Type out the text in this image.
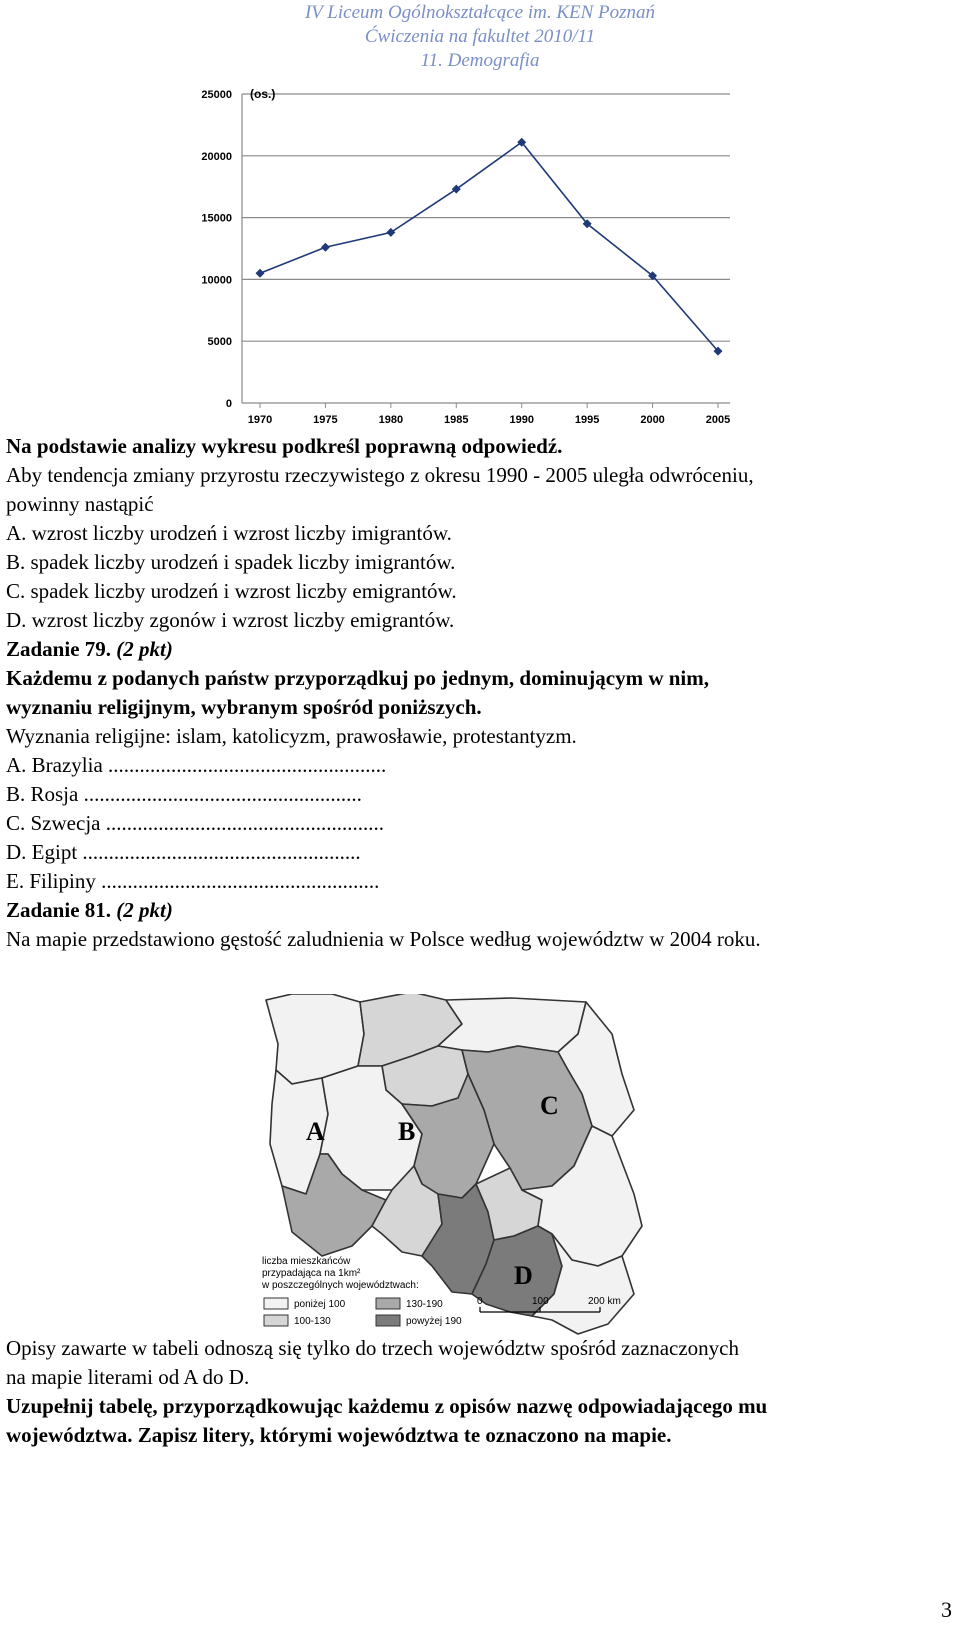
IV Liceum Ogólnokształcące im. KEN Poznań
Ćwiczenia na fakultet 2010/11
11. Demografia
0
5000
10000
15000
20000
25000 (os.)
1970	1975	1980	1985	1990	1995	2000	2005
Na podstawie analizy wykresu podkreśl poprawną odpowiedź.
Aby tendencja zmiany przyrostu rzeczywistego z okresu 1990 - 2005 uległa odwróceniu,
powinny nastąpić
A. wzrost liczby urodzeń i wzrost liczby imigrantów.
B. spadek liczby urodzeń i spadek liczby imigrantów.
C. spadek liczby urodzeń i wzrost liczby emigrantów.
D. wzrost liczby zgonów i wzrost liczby emigrantów.
Zadanie 79. (2 pkt)
Każdemu z podanych państw przyporządkuj po jednym, dominującym w nim,
wyznaniu religijnym, wybranym spośród poniższych.
Wyznania religijne: islam, katolicyzm, prawosławie, protestantyzm.
A. Brazylia .....................................................
B. Rosja .....................................................
C. Szwecja .....................................................
D. Egipt .....................................................
E. Filipiny .....................................................
Zadanie 81. (2 pkt)
Na mapie przedstawiono gęstość zaludnienia w Polsce według województw w 2004 roku.
A	B
C
D
liczba mieszkańców
przypadająca na 1km²
w poszczególnych województwach:
poniżej 100
100-130
130-190
powyżej 190
0	100	200 km
Opisy zawarte w tabeli odnoszą się tylko do trzech województw spośród zaznaczonych
na mapie literami od A do D.
Uzupełnij tabelę, przyporządkowując każdemu z opisów nazwę odpowiadającego mu
województwa. Zapisz litery, którymi województwa te oznaczono na mapie.
3
